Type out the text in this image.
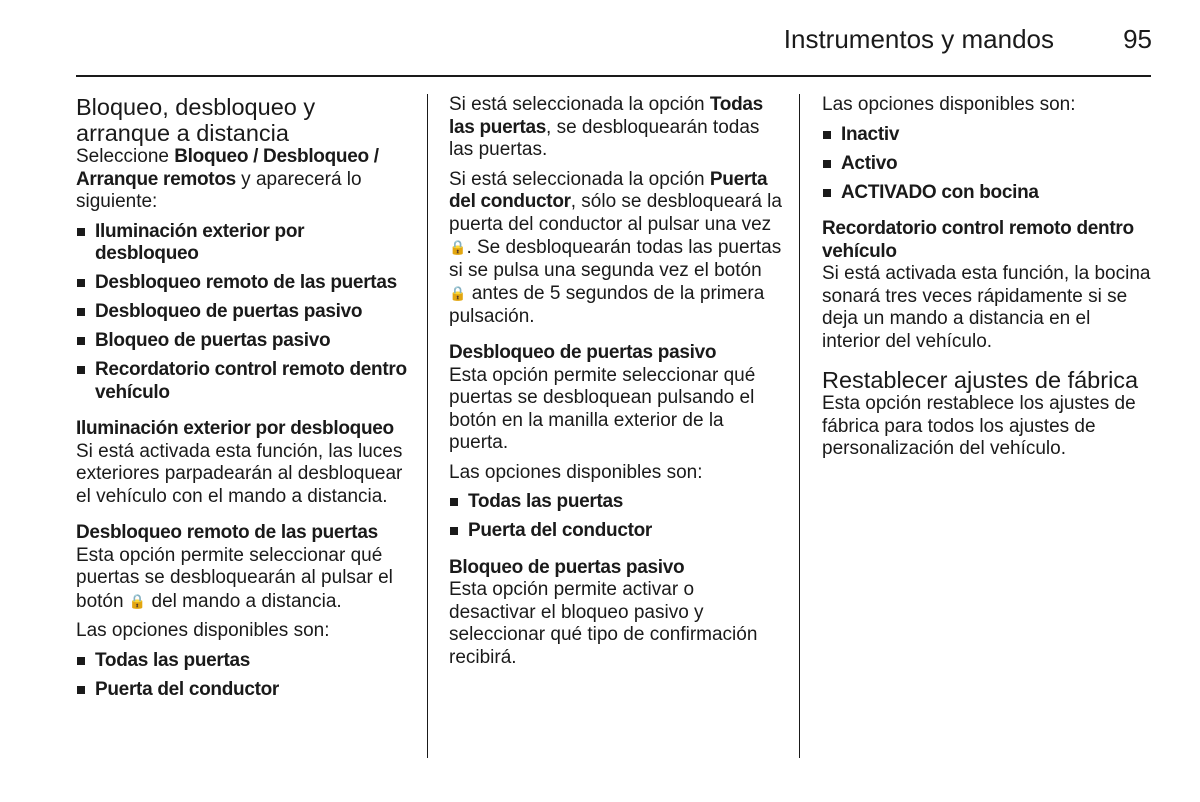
Instrumentos y mandos	95
Bloqueo, desbloqueo y arranque a distancia

Seleccione Bloqueo / Desbloqueo / Arranque remotos y aparecerá lo siguiente:

Iluminación exterior por desbloqueo
Desbloqueo remoto de las puertas
Desbloqueo de puertas pasivo
Bloqueo de puertas pasivo
Recordatorio control remoto dentro vehículo
Iluminación exterior por desbloqueo

Si está activada esta función, las luces exteriores parpadearán al desbloquear el vehículo con el mando a distancia.

Desbloqueo remoto de las puertas

Esta opción permite seleccionar qué puertas se desbloquearán al pulsar el botón 🔒 del mando a distancia.

Las opciones disponibles son:

Todas las puertas
Puerta del conductor

Si está seleccionada la opción Todas las puertas, se desbloquearán todas las puertas.

Si está seleccionada la opción Puerta del conductor, sólo se desbloqueará la puerta del conductor al pulsar una vez 🔒. Se desbloquearán todas las puertas si se pulsa una segunda vez el botón 🔒 antes de 5 segundos de la primera pulsación.

Desbloqueo de puertas pasivo

Esta opción permite seleccionar qué puertas se desbloquean pulsando el botón en la manilla exterior de la puerta.

Las opciones disponibles son:

Todas las puertas
Puerta del conductor
Bloqueo de puertas pasivo

Esta opción permite activar o desactivar el bloqueo pasivo y seleccionar qué tipo de confirmación recibirá.

Las opciones disponibles son:

Inactiv
Activo
ACTIVADO con bocina
Recordatorio control remoto dentro vehículo

Si está activada esta función, la bocina sonará tres veces rápidamente si se deja un mando a distancia en el interior del vehículo.

Restablecer ajustes de fábrica

Esta opción restablece los ajustes de fábrica para todos los ajustes de personalización del vehículo.
